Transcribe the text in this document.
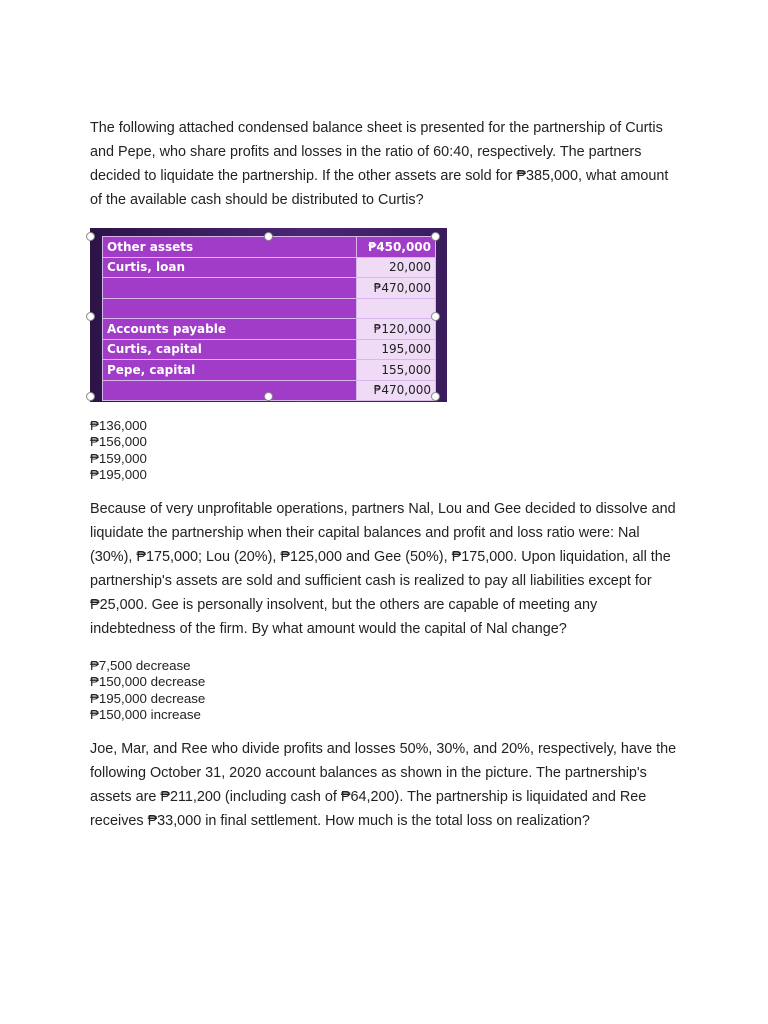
The following attached condensed balance sheet is presented for the partnership of Curtis and Pepe, who share profits and losses in the ratio of 60:40, respectively. The partners decided to liquidate the partnership. If the other assets are sold for ₱385,000, what amount of the available cash should be distributed to Curtis?

Other assets	₱450,000
Curtis, loan	20,000
	₱470,000

Accounts payable	₱120,000
Curtis, capital	195,000
Pepe, capital	155,000
	₱470,000
₱136,000
₱156,000
₱159,000
₱195,000

Because of very unprofitable operations, partners Nal, Lou and Gee decided to dissolve and liquidate the partnership when their capital balances and profit and loss ratio were: Nal (30%), ₱175,000; Lou (20%), ₱125,000 and Gee (50%), ₱175,000. Upon liquidation, all the partnership's assets are sold and sufficient cash is realized to pay all liabilities except for ₱25,000. Gee is personally insolvent, but the others are capable of meeting any indebtedness of the firm. By what amount would the capital of Nal change?

₱7,500 decrease
₱150,000 decrease
₱195,000 decrease
₱150,000 increase

Joe, Mar, and Ree who divide profits and losses 50%, 30%, and 20%, respectively, have the following October 31, 2020 account balances as shown in the picture. The partnership's assets are ₱211,200 (including cash of ₱64,200). The partnership is liquidated and Ree receives ₱33,000 in final settlement. How much is the total loss on realization?
